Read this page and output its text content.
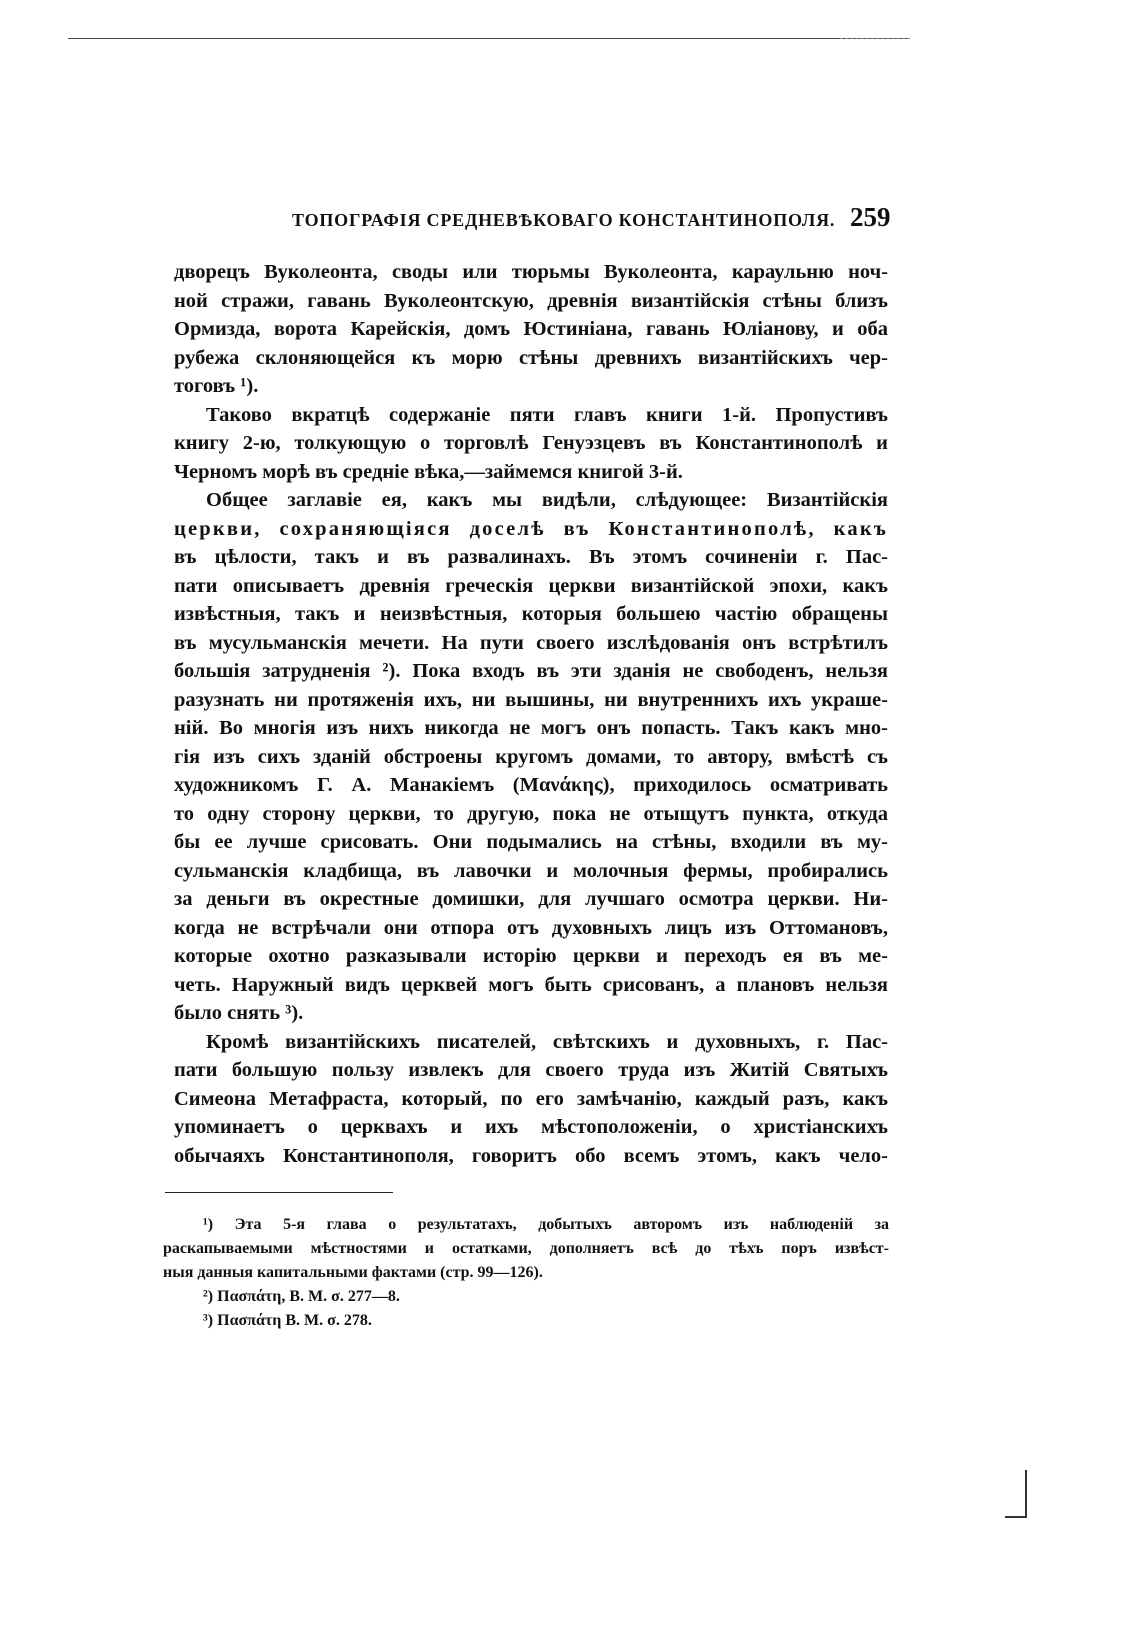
ТОПОГРАФІЯ СРЕДНЕВѢКОВАГО КОНСТАНТИНОПОЛЯ. 259
дворецъ Вуколеонта, своды или тюрьмы Вуколеонта, караульню ноч-
ной стражи, гавань Вуколеонтскую, древнія византійскія стѣны близъ
Ормизда, ворота Карейскія, домъ Юстиніана, гавань Юліанову, и оба
рубежа склоняющейся къ морю стѣны древнихъ византійскихъ чер-
тоговъ ¹).
Таково вкратцѣ содержаніе пяти главъ книги 1-й. Пропустивъ
книгу 2-ю, толкующую о торговлѣ Генуэзцевъ въ Константинополѣ и
Черномъ морѣ въ средніе вѣка,—займемся книгой 3-й.
Общее заглавіе ея, какъ мы видѣли, слѣдующее: Византійскія
церкви, сохраняющіяся доселѣ въ Константинополѣ, какъ
въ цѣлости, такъ и въ развалинахъ. Въ этомъ сочиненіи г. Пас-
пати описываетъ древнія греческія церкви византійской эпохи, какъ
извѣстныя, такъ и неизвѣстныя, которыя большею частію обращены
въ мусульманскія мечети. На пути своего изслѣдованія онъ встрѣтилъ
большія затрудненія ²). Пока входъ въ эти зданія не свободенъ, нельзя
разузнать ни протяженія ихъ, ни вышины, ни внутреннихъ ихъ украше-
ній. Во многія изъ нихъ никогда не могъ онъ попасть. Такъ какъ мно-
гія изъ сихъ зданій обстроены кругомъ домами, то автору, вмѣстѣ съ
художникомъ Г. А. Манакіемъ (Μανάκης), приходилось осматривать
то одну сторону церкви, то другую, пока не отыщутъ пункта, откуда
бы ее лучше срисовать. Они подымались на стѣны, входили въ му-
сульманскія кладбища, въ лавочки и молочныя фермы, пробирались
за деньги въ окрестные домишки, для лучшаго осмотра церкви. Ни-
когда не встрѣчали они отпора отъ духовныхъ лицъ изъ Оттомановъ,
которые охотно разказывали исторію церкви и переходъ ея въ ме-
четь. Наружный видъ церквей могъ быть срисованъ, а плановъ нельзя
было снять ³).
Кромѣ византійскихъ писателей, свѣтскихъ и духовныхъ, г. Пас-
пати большую пользу извлекъ для своего труда изъ Житій Святыхъ
Симеона Метафраста, который, по его замѣчанію, каждый разъ, какъ
упоминаетъ о церквахъ и ихъ мѣстоположеніи, о христіанскихъ
обычаяхъ Константинополя, говоритъ обо всемъ этомъ, какъ чело-
¹) Эта 5-я глава о результатахъ, добытыхъ авторомъ изъ наблюденій за
раскапываемыми мѣстностями и остатками, дополняетъ всѣ до тѣхъ поръ извѣст-
ныя данныя капитальными фактами (стр. 99—126).
²) Πασπάτη, В. М. σ. 277—8.
³) Πασπάτη В. М. σ. 278.
